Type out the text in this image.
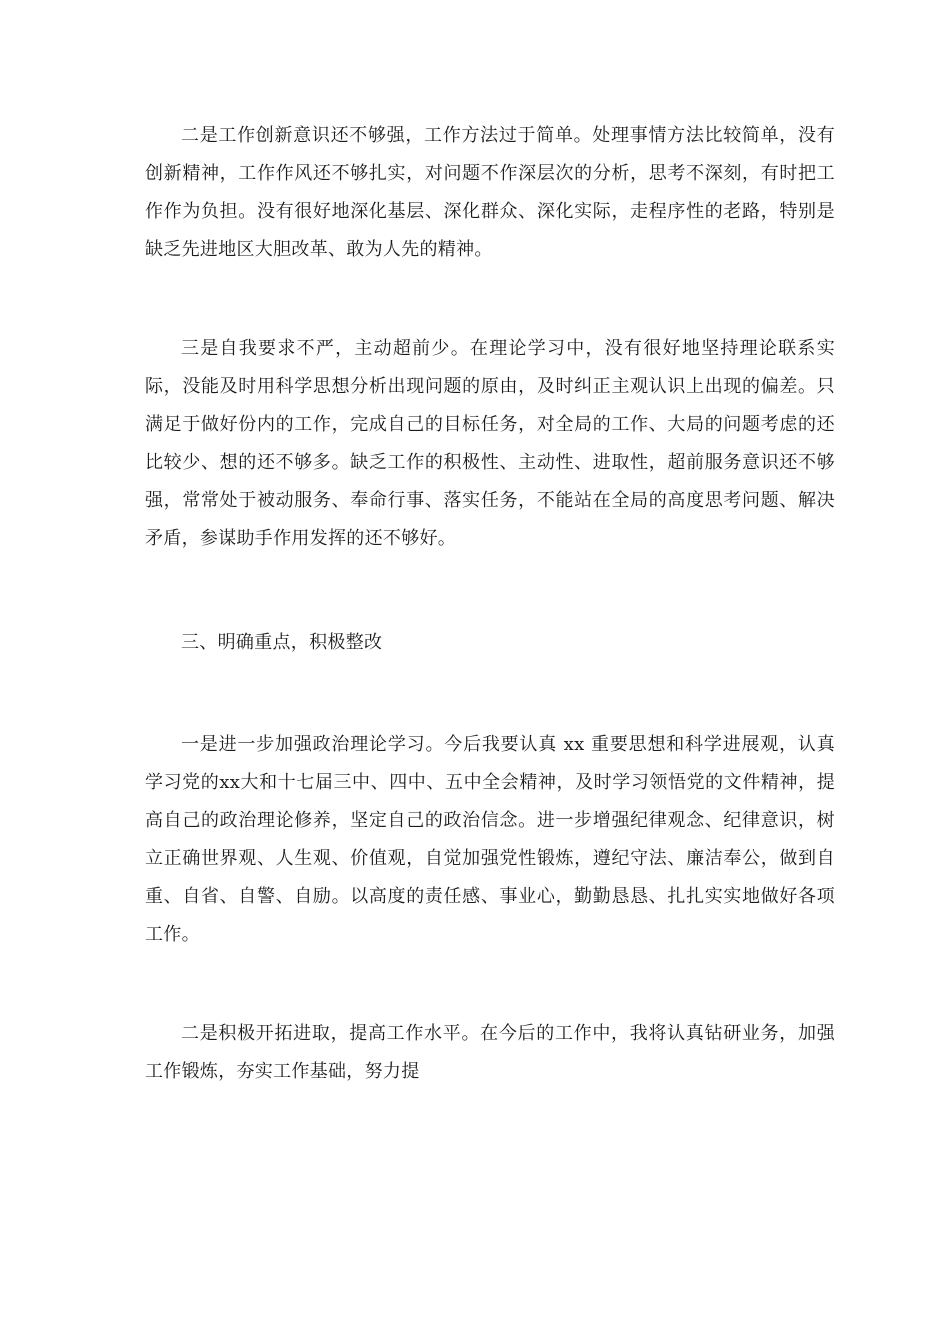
二是工作创新意识还不够强，工作方法过于简单。处理事情方法比较简单，没有创新精神，工作作风还不够扎实，对问题不作深层次的分析，思考不深刻，有时把工作作为负担。没有很好地深化基层、深化群众、深化实际，走程序性的老路，特别是缺乏先进地区大胆改革、敢为人先的精神。

三是自我要求不严，主动超前少。在理论学习中，没有很好地坚持理论联系实际，没能及时用科学思想分析出现问题的原由，及时纠正主观认识上出现的偏差。只满足于做好份内的工作，完成自己的目标任务，对全局的工作、大局的问题考虑的还比较少、想的还不够多。缺乏工作的积极性、主动性、进取性，超前服务意识还不够强，常常处于被动服务、奉命行事、落实任务，不能站在全局的高度思考问题、解决矛盾，参谋助手作用发挥的还不够好。

三、明确重点，积极整改

一是进一步加强政治理论学习。今后我要认真 xx 重要思想和科学进展观，认真学习党的xx大和十七届三中、四中、五中全会精神，及时学习领悟党的文件精神，提高自己的政治理论修养，坚定自己的政治信念。进一步增强纪律观念、纪律意识，树立正确世界观、人生观、价值观，自觉加强党性锻炼，遵纪守法、廉洁奉公，做到自重、自省、自警、自励。以高度的责任感、事业心，勤勤恳恳、扎扎实实地做好各项工作。

二是积极开拓进取，提高工作水平。在今后的工作中，我将认真钻研业务，加强工作锻炼，夯实工作基础，努力提
